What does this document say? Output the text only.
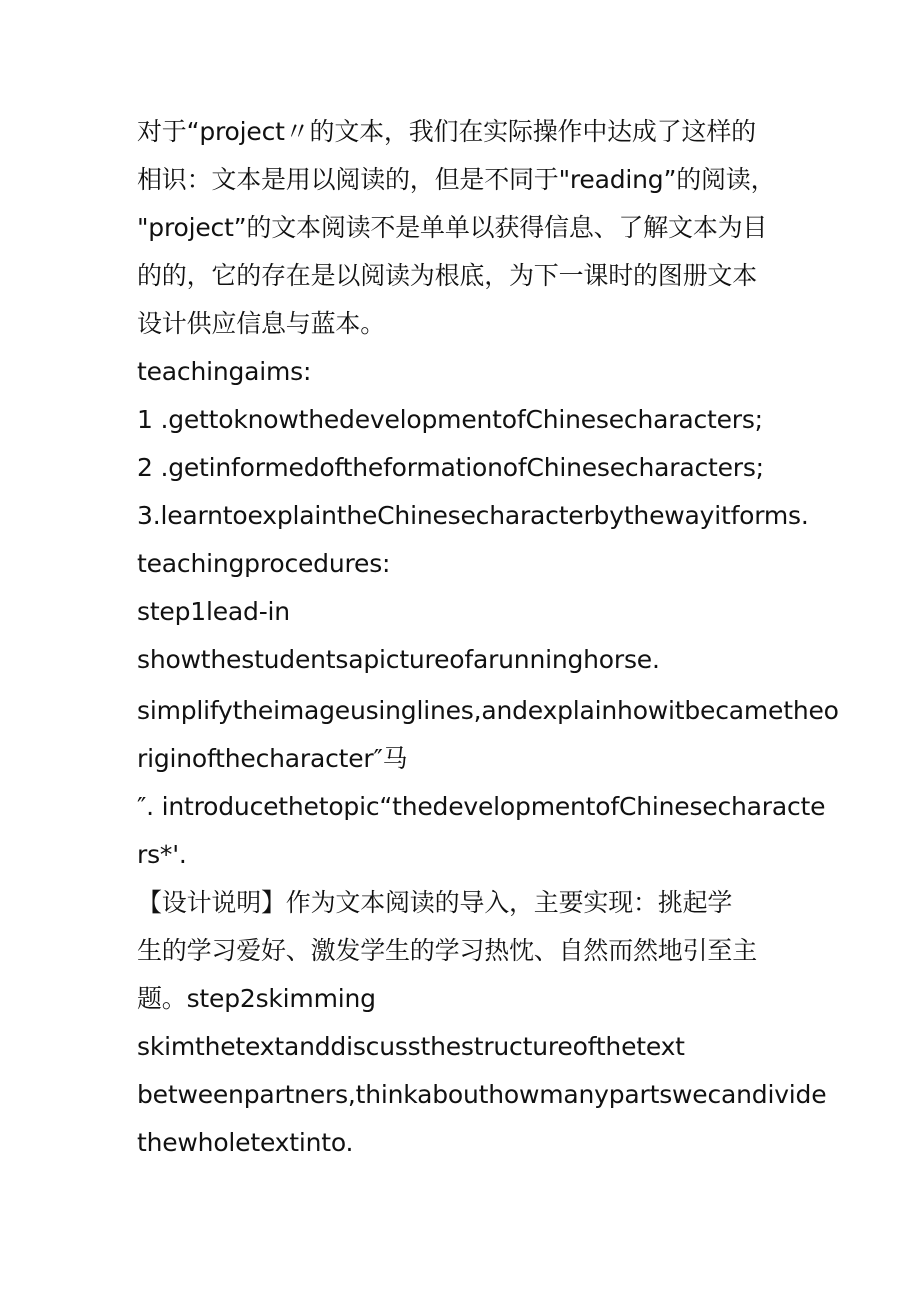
对于“project〃的文本，我们在实际操作中达成了这样的
相识：文本是用以阅读的，但是不同于"reading”的阅读，
"project”的文本阅读不是单单以获得信息、了解文本为目
的的，它的存在是以阅读为根底，为下一课时的图册文本
设计供应信息与蓝本。
teachingaims:
1 .gettoknowthedevelopmentofChinesecharacters;
2 .getinformedoftheformationofChinesecharacters;
3.learntoexplaintheChinesecharacterbythewayitforms.
teachingprocedures:
step1lead-in
showthestudentsapictureofarunninghorse.
simplifytheimageusinglines,andexplainhowitbecametheo
riginofthecharacter″马
″. introducethetopic“thedevelopmentofChinesecharacte
rs*'.
【设计说明】作为文本阅读的导入，主要实现：挑起学
生的学习爱好、激发学生的学习热忱、自然而然地引至主
题。step2skimming
skimthetextanddiscussthestructureofthetext
betweenpartners,thinkabouthowmanypartswecandivide
thewholetextinto.
